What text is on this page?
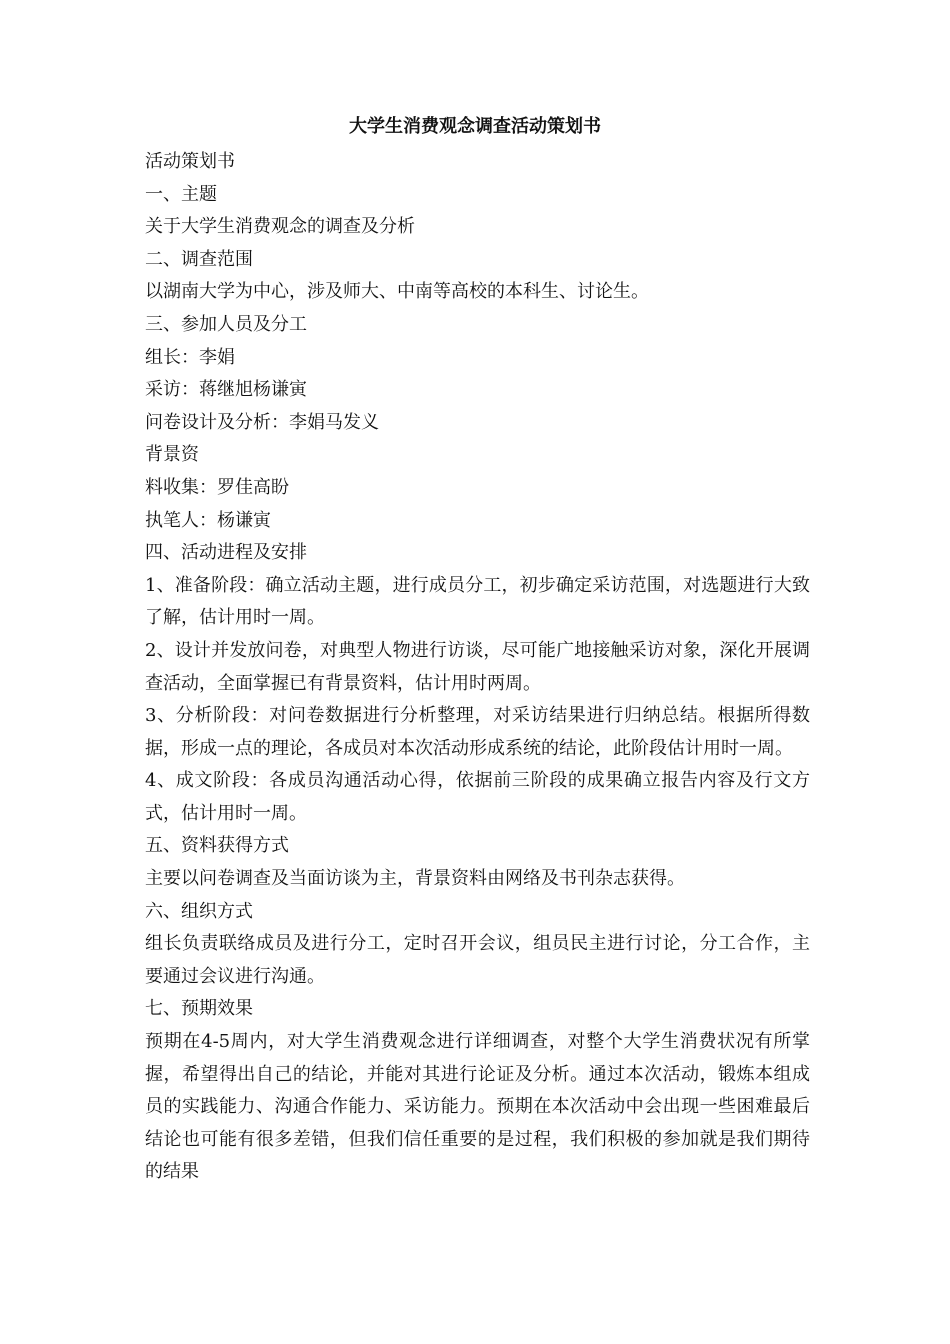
大学生消费观念调查活动策划书

活动策划书

一、主题

关于大学生消费观念的调查及分析

二、调查范围

以湖南大学为中心，涉及师大、中南等高校的本科生、讨论生。

三、参加人员及分工

组长：李娟

采访：蒋继旭杨谦寅

问卷设计及分析：李娟马发义

背景资

料收集：罗佳高盼

执笔人：杨谦寅

四、活动进程及安排

1、准备阶段：确立活动主题，进行成员分工，初步确定采访范围，对选题进行大致了解，估计用时一周。

2、设计并发放问卷，对典型人物进行访谈，尽可能广地接触采访对象，深化开展调查活动，全面掌握已有背景资料，估计用时两周。

3、分析阶段：对问卷数据进行分析整理，对采访结果进行归纳总结。根据所得数据，形成一点的理论，各成员对本次活动形成系统的结论，此阶段估计用时一周。

4、成文阶段：各成员沟通活动心得，依据前三阶段的成果确立报告内容及行文方式，估计用时一周。

五、资料获得方式

主要以问卷调查及当面访谈为主，背景资料由网络及书刊杂志获得。

六、组织方式

组长负责联络成员及进行分工，定时召开会议，组员民主进行讨论，分工合作，主要通过会议进行沟通。

七、预期效果

预期在4-5周内，对大学生消费观念进行详细调查，对整个大学生消费状况有所掌握，希望得出自己的结论，并能对其进行论证及分析。通过本次活动，锻炼本组成员的实践能力、沟通合作能力、采访能力。预期在本次活动中会出现一些困难最后结论也可能有很多差错，但我们信任重要的是过程，我们积极的参加就是我们期待的结果
